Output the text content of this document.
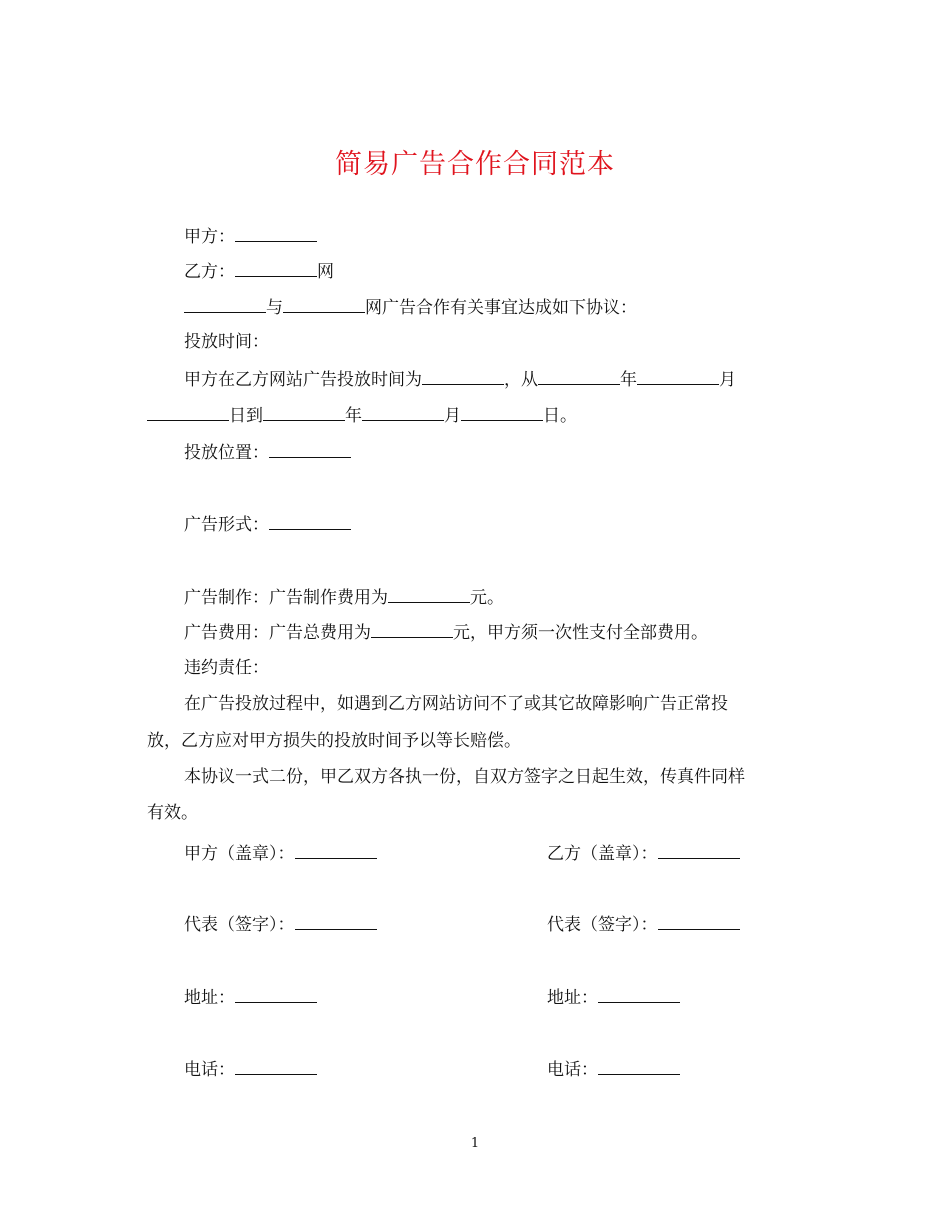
简易广告合作合同范本
甲方：
乙方：	网
与	网广告合作有关事宜达成如下协议：
投放时间：
甲方在乙方网站广告投放时间为	，从	年	月
日到	年	月	日。
投放位置：
广告形式：
广告制作：广告制作费用为	元。
广告费用：广告总费用为	元，甲方须一次性支付全部费用。
违约责任：
在广告投放过程中，如遇到乙方网站访问不了或其它故障影响广告正常投
放，乙方应对甲方损失的投放时间予以等长赔偿。
本协议一式二份，甲乙双方各执一份，自双方签字之日起生效，传真件同样
有效。
甲方（盖章）：	乙方（盖章）：
代表（签字）：	代表（签字）：
地址：	地址：
电话：	电话：
1
